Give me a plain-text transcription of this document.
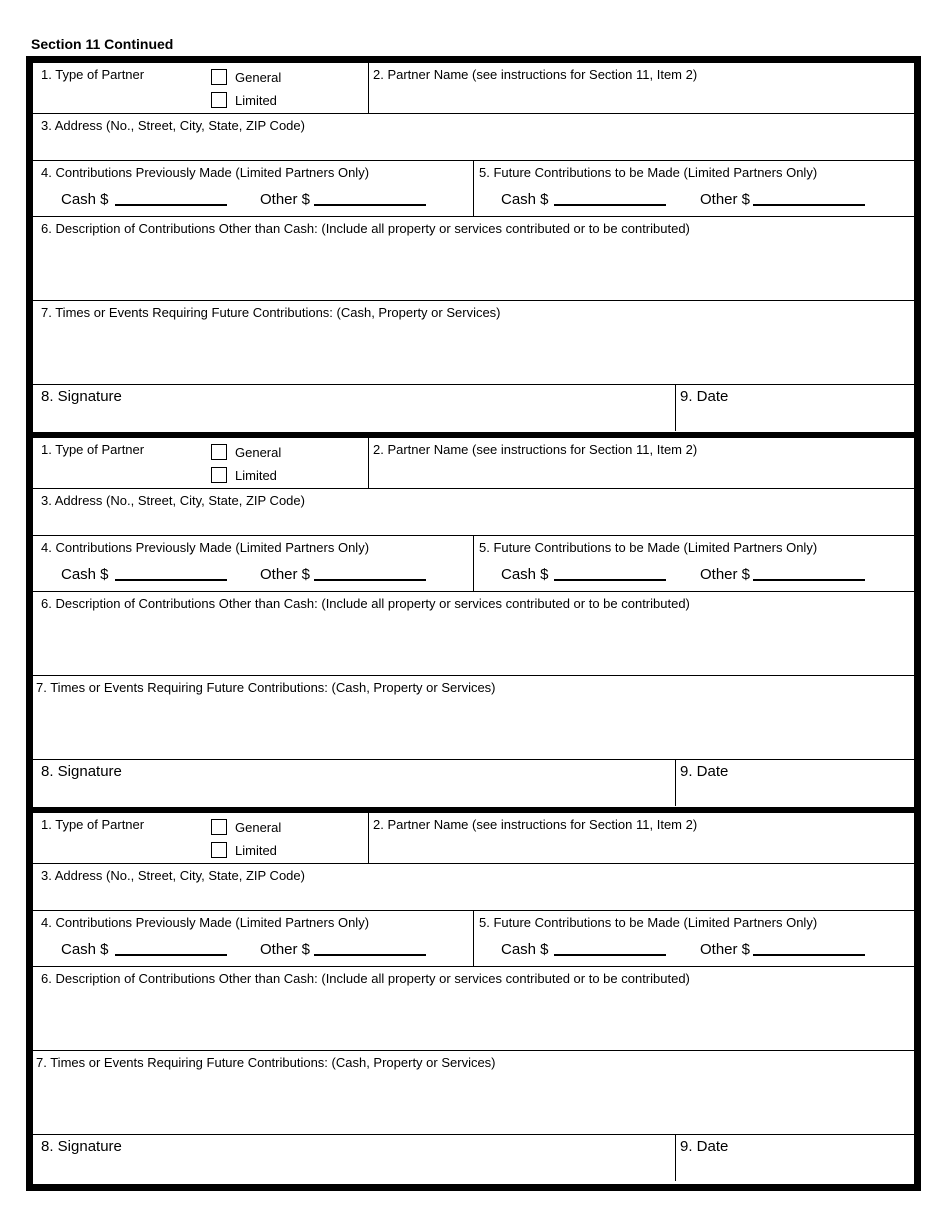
Section 11 Continued
1. Type of Partner	General
Limited
2. Partner Name (see instructions for Section 11, Item 2)
3. Address (No., Street, City, State, ZIP Code)
4. Contributions Previously Made (Limited Partners Only)
Cash $	Other $
5. Future Contributions to be Made (Limited Partners Only)
Cash $	Other $
6. Description of Contributions Other than Cash: (Include all property or services contributed or to be contributed)
7. Times or Events Requiring Future Contributions: (Cash, Property or Services)
8. Signature	9. Date
1. Type of Partner	General
Limited
2. Partner Name (see instructions for Section 11, Item 2)
3. Address (No., Street, City, State, ZIP Code)
4. Contributions Previously Made (Limited Partners Only)
Cash $	Other $
5. Future Contributions to be Made (Limited Partners Only)
Cash $	Other $
6. Description of Contributions Other than Cash: (Include all property or services contributed or to be contributed)
7. Times or Events Requiring Future Contributions: (Cash, Property or Services)
8. Signature	9. Date
1. Type of Partner	General
Limited
2. Partner Name (see instructions for Section 11, Item 2)
3. Address (No., Street, City, State, ZIP Code)
4. Contributions Previously Made (Limited Partners Only)
Cash $	Other $
5. Future Contributions to be Made (Limited Partners Only)
Cash $	Other $
6. Description of Contributions Other than Cash: (Include all property or services contributed or to be contributed)
7. Times or Events Requiring Future Contributions: (Cash, Property or Services)
8. Signature	9. Date
